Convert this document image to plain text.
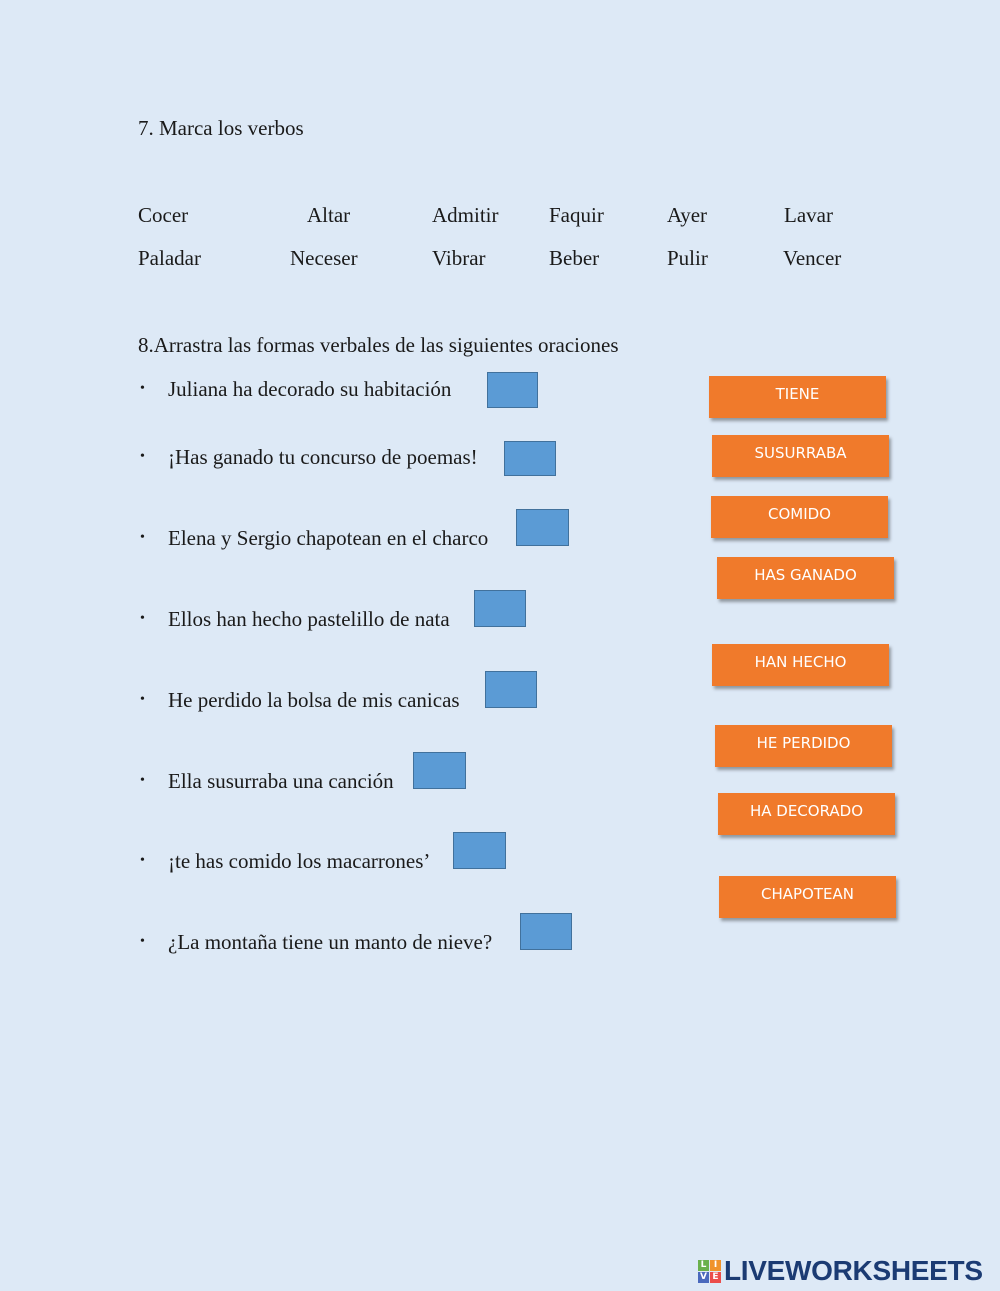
7. Marca los verbos
Cocer	Altar	Admitir Faquir	Ayer	Lavar
Paladar	Neceser	Vibrar	Beber	Pulir	Vencer
8.Arrastra las formas verbales de las siguientes oraciones
• Juliana ha decorado su habitación
• ¡Has ganado tu concurso de poemas!
• Elena y Sergio chapotean en el charco
• Ellos han hecho pastelillo de nata
• He perdido la bolsa de mis canicas
• Ella susurraba una canción
• ¡te has comido los macarrones’
• ¿La montaña tiene un manto de nieve?
TIENE
SUSURRABA
COMIDO
HAS GANADO
HAN HECHO
HE PERDIDO
HA DECORADO
CHAPOTEAN
L I
V E LIVEWORKSHEETS
